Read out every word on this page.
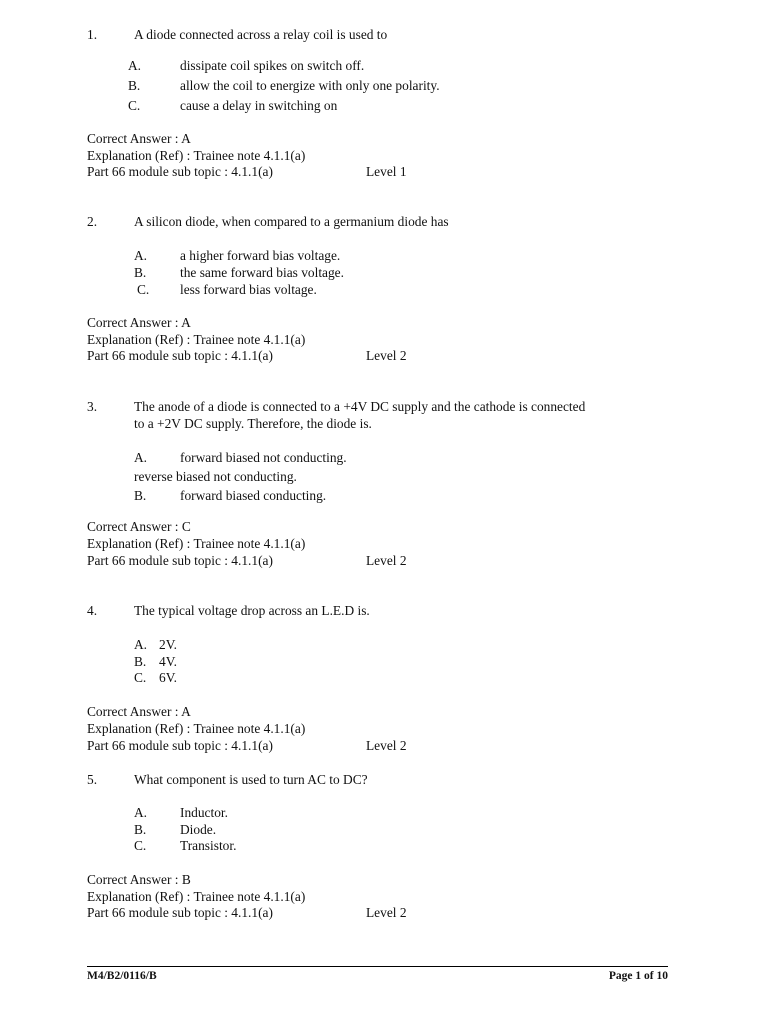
1.	A diode connected across a relay coil is used to
A.	dissipate coil spikes on switch off.
B.	allow the coil to energize with only one polarity.
C.	cause a delay in switching on
Correct Answer : A
Explanation (Ref) : Trainee note 4.1.1(a)
Part 66 module sub topic : 4.1.1(a)	Level 1
2.	A silicon diode, when compared to a germanium diode has
A. a higher forward bias voltage.
B.	the same forward bias voltage.
C. less forward bias voltage.
Correct Answer : A
Explanation (Ref) : Trainee note 4.1.1(a)
Part 66 module sub topic : 4.1.1(a)	Level 2
3.	The anode of a diode is connected to a +4V DC supply and the cathode is connected
to a +2V DC supply. Therefore, the diode is.
A. forward biased not conducting.
reverse biased not conducting.
B.	forward biased conducting.
Correct Answer : C
Explanation (Ref) : Trainee note 4.1.1(a)
Part 66 module sub topic : 4.1.1(a)	Level 2
4.	The typical voltage drop across an L.E.D is.
A. 2V.
B. 4V.
C. 6V.
Correct Answer : A
Explanation (Ref) : Trainee note 4.1.1(a)
Part 66 module sub topic : 4.1.1(a)	Level 2
5.	What component is used to turn AC to DC?
A. Inductor.
B.	Diode.
C.	Transistor.
Correct Answer : B
Explanation (Ref) : Trainee note 4.1.1(a)
Part 66 module sub topic : 4.1.1(a)	Level 2
M4/B2/0116/B	Page 1 of 10
